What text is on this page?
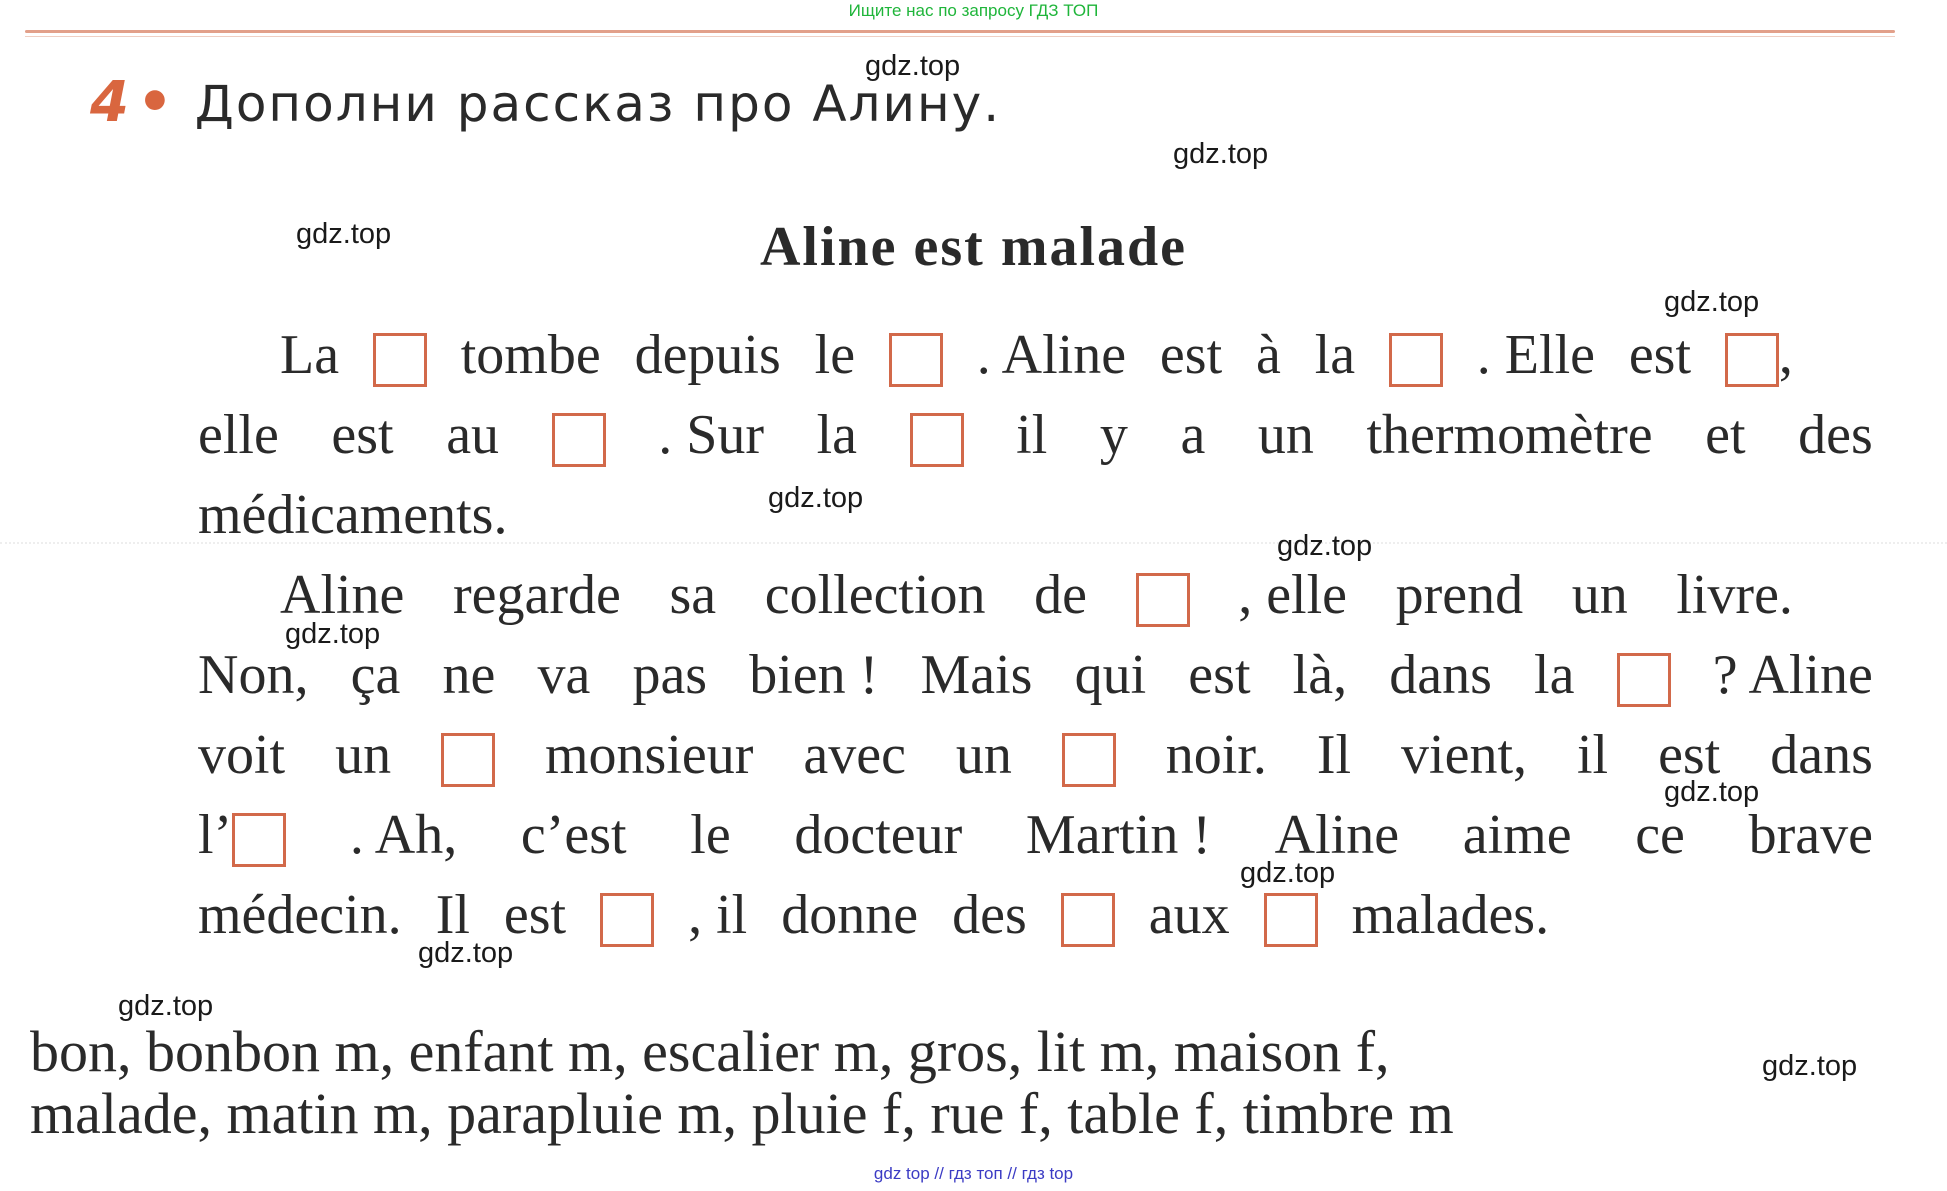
Ищите нас по запросу ГДЗ ТОП
4 • Дополни рассказ про Алину.
Aline est malade
La tombe depuis le . Aline est à la . Elle est	,
elle est au	. Sur la	il y a un thermomètre et des
médicaments.
Aline regarde sa collection de	, elle prend un livre.
Non, ça ne va pas bien ! Mais qui est là, dans la ? Aline
voit un	monsieur avec un	noir. Il vient, il est dans
l’	. Ah, c’est le docteur Martin ! Aline aime ce brave
médecin. Il est , il donne des aux malades.
bon, bonbon m, enfant m, escalier m, gros, lit m, maison f,
malade, matin m, parapluie m, pluie f, rue f, table f, timbre m
gdz.top
gdz.top
gdz.top
gdz.top
gdz.top
gdz.top
gdz.top
gdz.top
gdz.top
gdz.top
gdz.top
gdz.top
gdz top // гдз топ // гдз top
